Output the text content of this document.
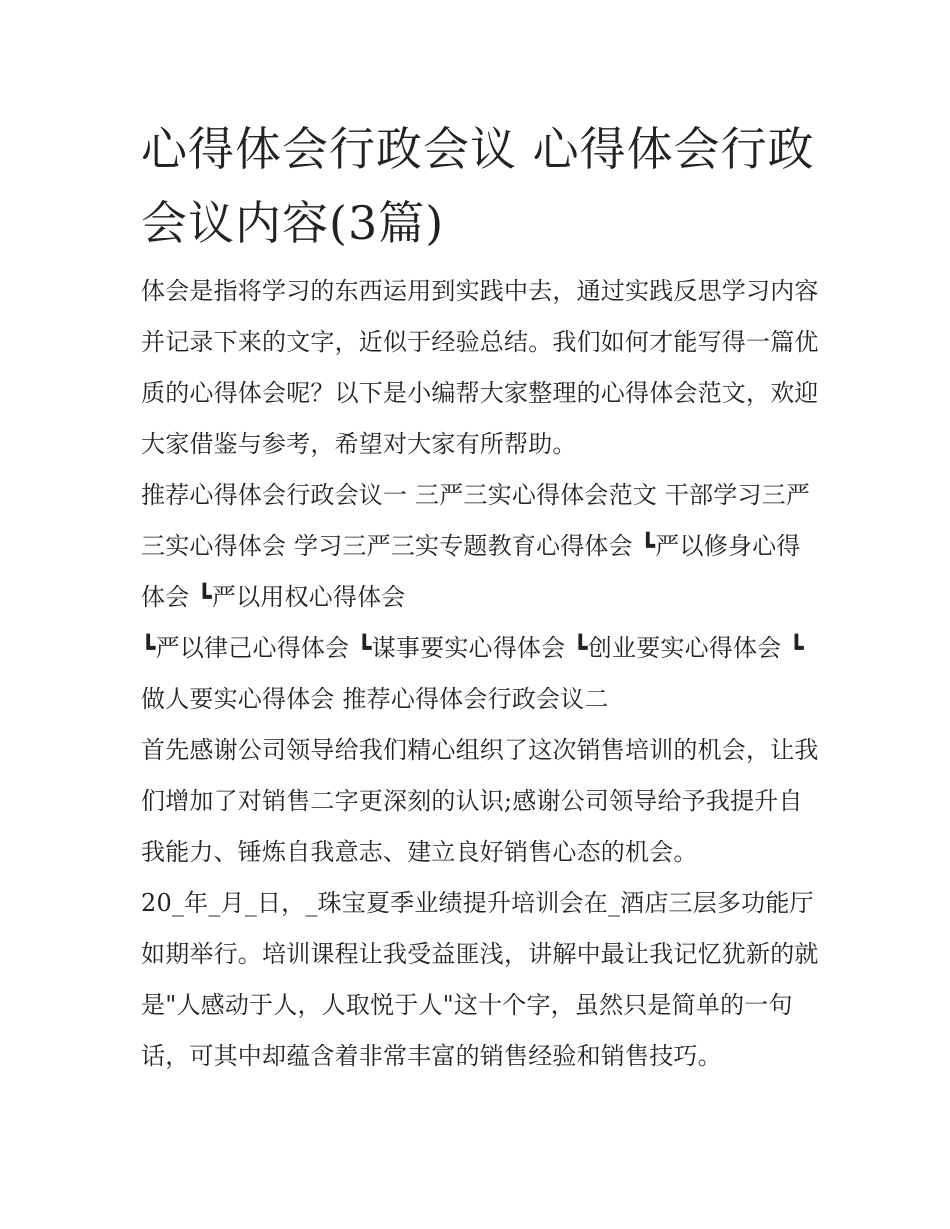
心得体会行政会议 心得体会行政会议内容(3篇)

体会是指将学习的东西运用到实践中去，通过实践反思学习内容并记录下来的文字，近似于经验总结。我们如何才能写得一篇优质的心得体会呢？以下是小编帮大家整理的心得体会范文，欢迎大家借鉴与参考，希望对大家有所帮助。

推荐心得体会行政会议一 三严三实心得体会范文 干部学习三严三实心得体会 学习三严三实专题教育心得体会 ┗严以修身心得体会 ┗严以用权心得体会

┗严以律己心得体会 ┗谋事要实心得体会 ┗创业要实心得体会 ┗做人要实心得体会 推荐心得体会行政会议二

首先感谢公司领导给我们精心组织了这次销售培训的机会，让我们增加了对销售二字更深刻的认识;感谢公司领导给予我提升自我能力、锤炼自我意志、建立良好销售心态的机会。

20_年_月_日，_珠宝夏季业绩提升培训会在_酒店三层多功能厅如期举行。培训课程让我受益匪浅，讲解中最让我记忆犹新的就是"人感动于人，人取悦于人"这十个字，虽然只是简单的一句话，可其中却蕴含着非常丰富的销售经验和销售技巧。
